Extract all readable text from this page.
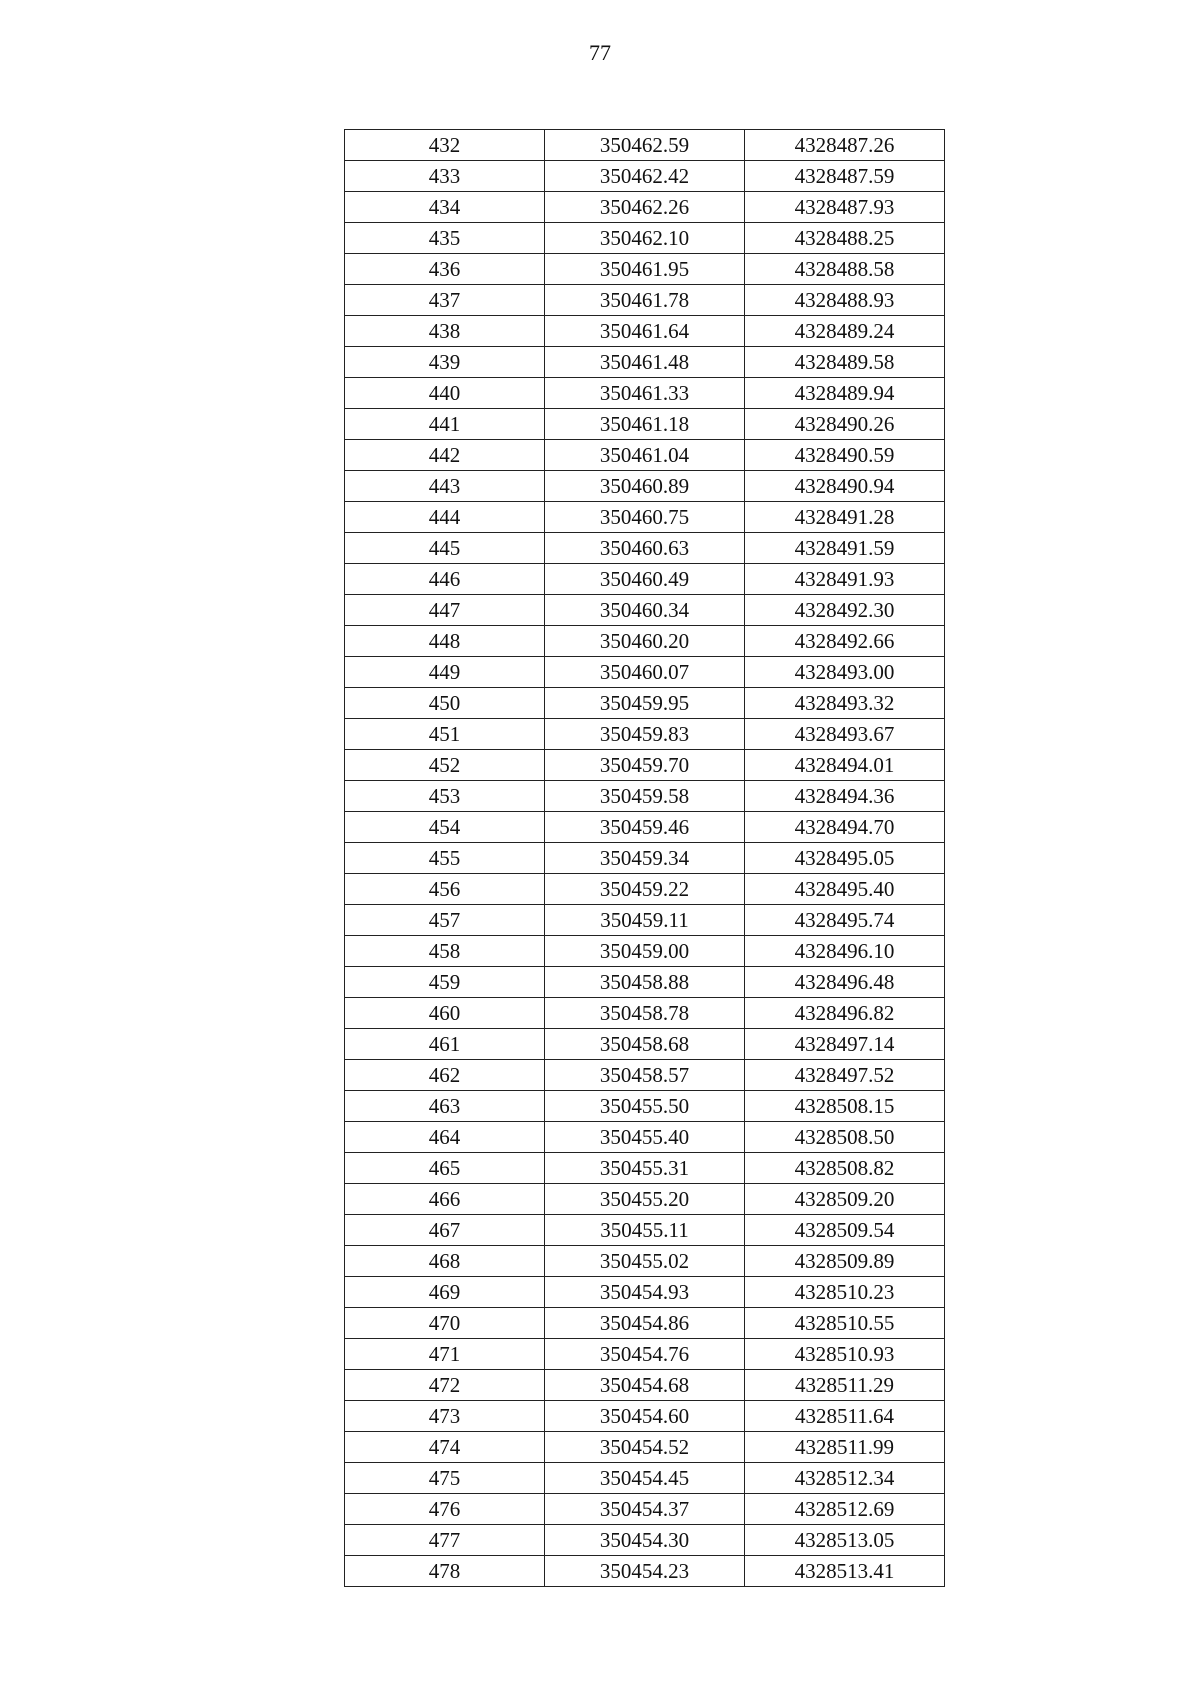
77
432	350462.59	4328487.26
433	350462.42	4328487.59
434	350462.26	4328487.93
435	350462.10	4328488.25
436	350461.95	4328488.58
437	350461.78	4328488.93
438	350461.64	4328489.24
439	350461.48	4328489.58
440	350461.33	4328489.94
441	350461.18	4328490.26
442	350461.04	4328490.59
443	350460.89	4328490.94
444	350460.75	4328491.28
445	350460.63	4328491.59
446	350460.49	4328491.93
447	350460.34	4328492.30
448	350460.20	4328492.66
449	350460.07	4328493.00
450	350459.95	4328493.32
451	350459.83	4328493.67
452	350459.70	4328494.01
453	350459.58	4328494.36
454	350459.46	4328494.70
455	350459.34	4328495.05
456	350459.22	4328495.40
457	350459.11	4328495.74
458	350459.00	4328496.10
459	350458.88	4328496.48
460	350458.78	4328496.82
461	350458.68	4328497.14
462	350458.57	4328497.52
463	350455.50	4328508.15
464	350455.40	4328508.50
465	350455.31	4328508.82
466	350455.20	4328509.20
467	350455.11	4328509.54
468	350455.02	4328509.89
469	350454.93	4328510.23
470	350454.86	4328510.55
471	350454.76	4328510.93
472	350454.68	4328511.29
473	350454.60	4328511.64
474	350454.52	4328511.99
475	350454.45	4328512.34
476	350454.37	4328512.69
477	350454.30	4328513.05
478	350454.23	4328513.41
